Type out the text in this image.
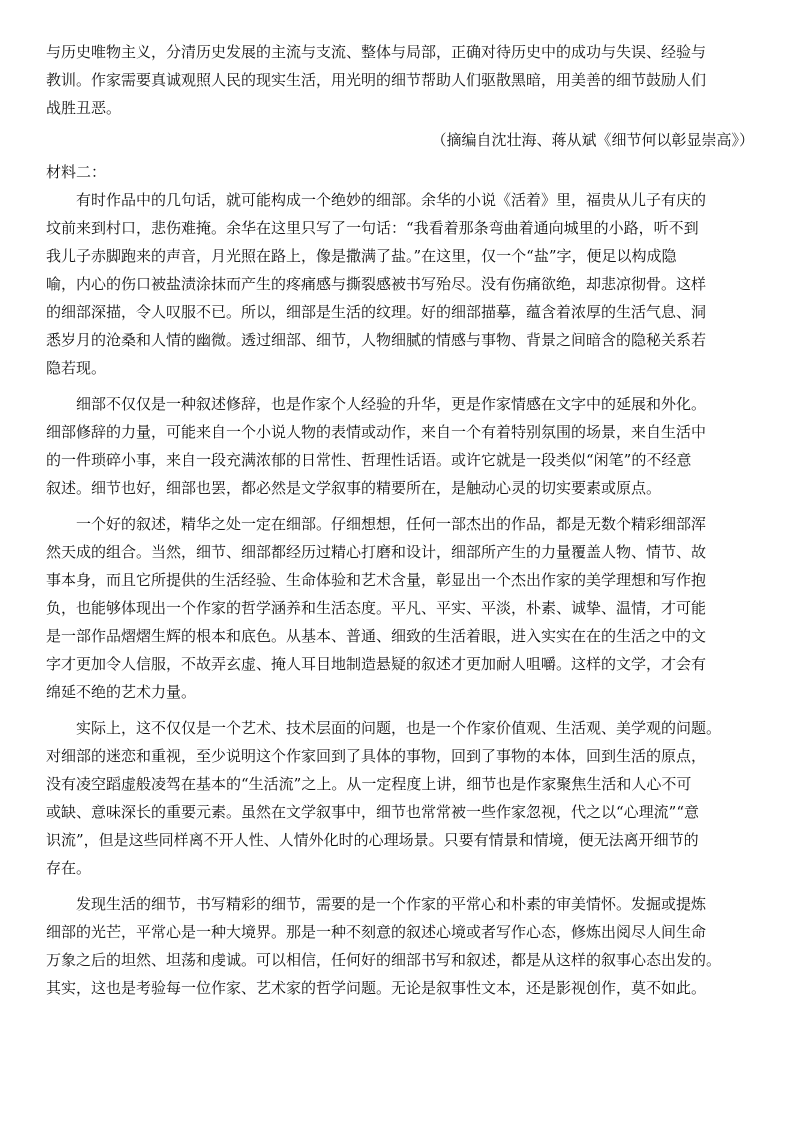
与历史唯物主义，分清历史发展的主流与支流、整体与局部，正确对待历史中的成功与失误、经验与
教训。作家需要真诚观照人民的现实生活，用光明的细节帮助人们驱散黑暗，用美善的细节鼓励人们
战胜丑恶。
（摘编自沈壮海、蒋从斌《细节何以彰显崇高》）
材料二：
有时作品中的几句话，就可能构成一个绝妙的细部。余华的小说《活着》里，福贵从儿子有庆的
坟前来到村口，悲伤难掩。余华在这里只写了一句话：“我看着那条弯曲着通向城里的小路，听不到
我儿子赤脚跑来的声音，月光照在路上，像是撒满了盐。”在这里，仅一个“盐”字，便足以构成隐
喻，内心的伤口被盐渍涂抹而产生的疼痛感与撕裂感被书写殆尽。没有伤痛欲绝，却悲凉彻骨。这样
的细部深描，令人叹服不已。所以，细部是生活的纹理。好的细部描摹，蕴含着浓厚的生活气息、洞
悉岁月的沧桑和人情的幽微。透过细部、细节，人物细腻的情感与事物、背景之间暗含的隐秘关系若
隐若现。
细部不仅仅是一种叙述修辞，也是作家个人经验的升华，更是作家情感在文字中的延展和外化。
细部修辞的力量，可能来自一个小说人物的表情或动作，来自一个有着特别氛围的场景，来自生活中
的一件琐碎小事，来自一段充满浓郁的日常性、哲理性话语。或许它就是一段类似“闲笔”的不经意
叙述。细节也好，细部也罢，都必然是文学叙事的精要所在，是触动心灵的切实要素或原点。
一个好的叙述，精华之处一定在细部。仔细想想，任何一部杰出的作品，都是无数个精彩细部浑
然天成的组合。当然，细节、细部都经历过精心打磨和设计，细部所产生的力量覆盖人物、情节、故
事本身，而且它所提供的生活经验、生命体验和艺术含量，彰显出一个杰出作家的美学理想和写作抱
负，也能够体现出一个作家的哲学涵养和生活态度。平凡、平实、平淡，朴素、诚挚、温情，才可能
是一部作品熠熠生辉的根本和底色。从基本、普通、细致的生活着眼，进入实实在在的生活之中的文
字才更加令人信服，不故弄玄虚、掩人耳目地制造悬疑的叙述才更加耐人咀嚼。这样的文学，才会有
绵延不绝的艺术力量。
实际上，这不仅仅是一个艺术、技术层面的问题，也是一个作家价值观、生活观、美学观的问题。
对细部的迷恋和重视，至少说明这个作家回到了具体的事物，回到了事物的本体，回到生活的原点，
没有凌空蹈虚般凌驾在基本的“生活流”之上。从一定程度上讲，细节也是作家聚焦生活和人心不可
或缺、意味深长的重要元素。虽然在文学叙事中，细节也常常被一些作家忽视，代之以“心理流”“意
识流”，但是这些同样离不开人性、人情外化时的心理场景。只要有情景和情境，便无法离开细节的
存在。
发现生活的细节，书写精彩的细节，需要的是一个作家的平常心和朴素的审美情怀。发掘或提炼
细部的光芒，平常心是一种大境界。那是一种不刻意的叙述心境或者写作心态，修炼出阅尽人间生命
万象之后的坦然、坦荡和虔诚。可以相信，任何好的细部书写和叙述，都是从这样的叙事心态出发的。
其实，这也是考验每一位作家、艺术家的哲学问题。无论是叙事性文本，还是影视创作，莫不如此。
